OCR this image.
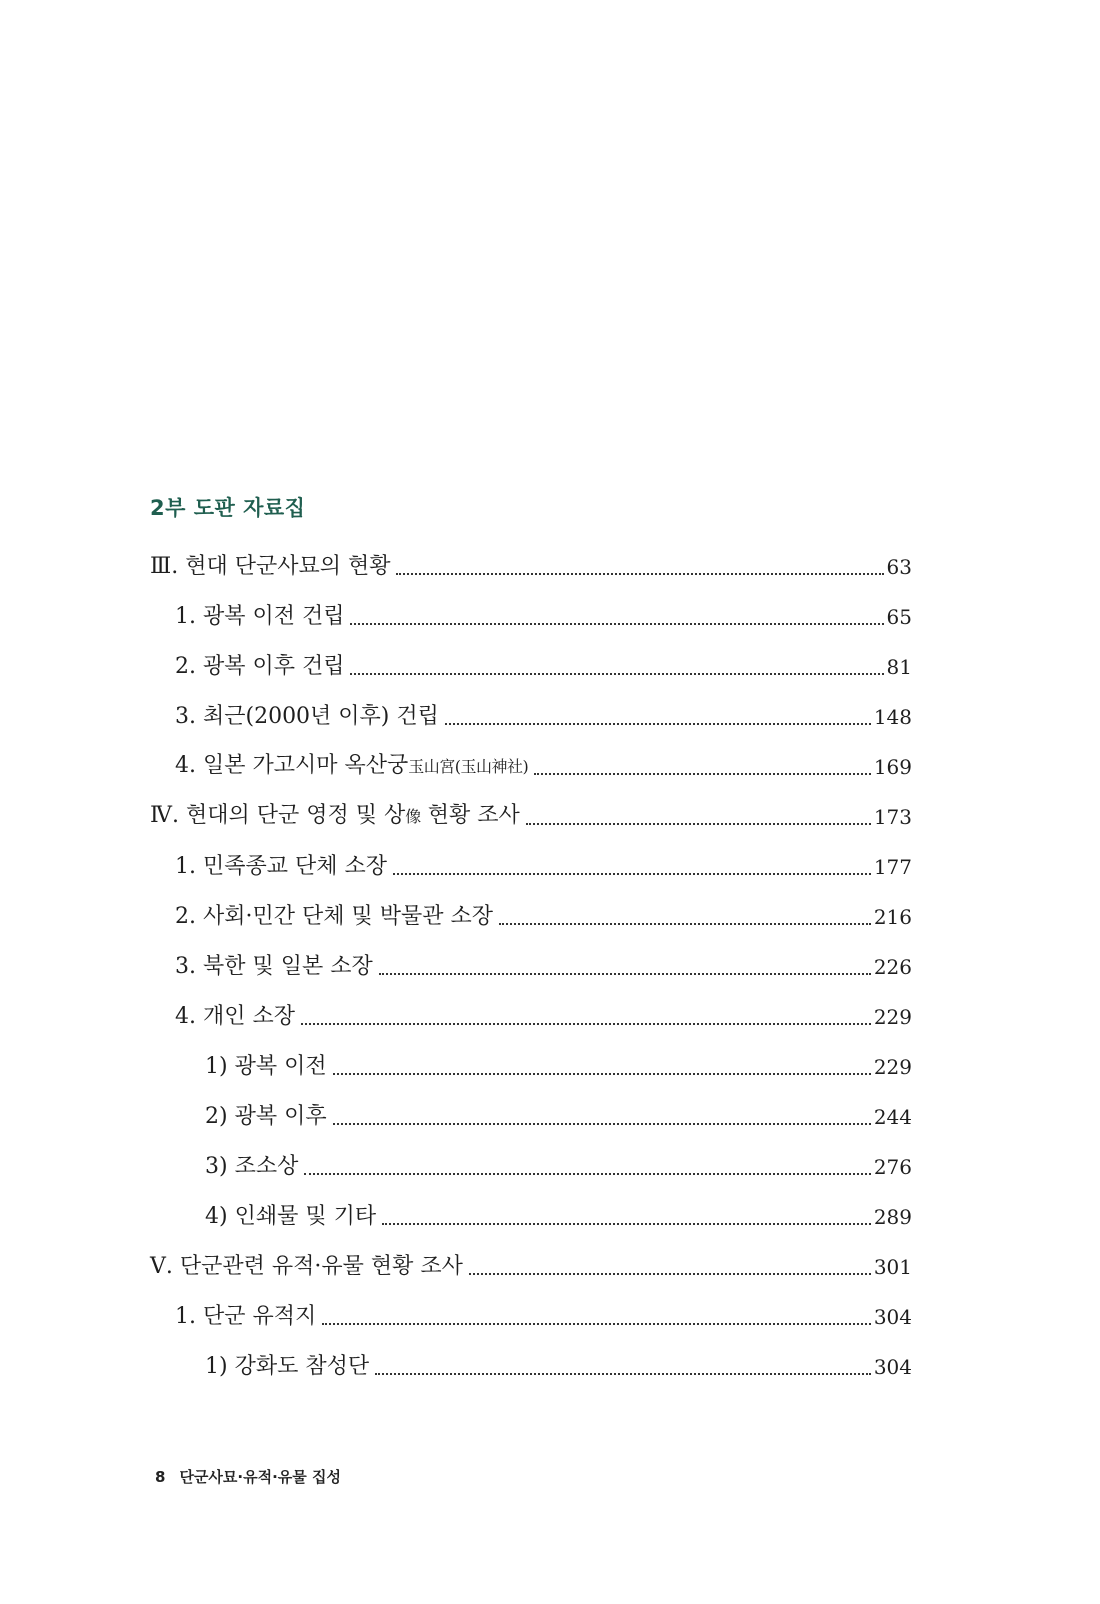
2부 도판 자료집
Ⅲ. 현대 단군사묘의 현황	63
1. 광복 이전 건립	65
2. 광복 이후 건립	81
3. 최근(2000년 이후) 건립	148
4. 일본 가고시마 옥산궁玉山宮(玉山神社)	169
Ⅳ. 현대의 단군 영정 및 상像 현황 조사	173
1. 민족종교 단체 소장	177
2. 사회·민간 단체 및 박물관 소장	216
3. 북한 및 일본 소장	226
4. 개인 소장	229
1) 광복 이전	229
2) 광복 이후	244
3) 조소상	276
4) 인쇄물 및 기타	289
Ⅴ. 단군관련 유적·유물 현황 조사	301
1. 단군 유적지	304
1) 강화도 참성단	304
8 단군사묘·유적·유물 집성
